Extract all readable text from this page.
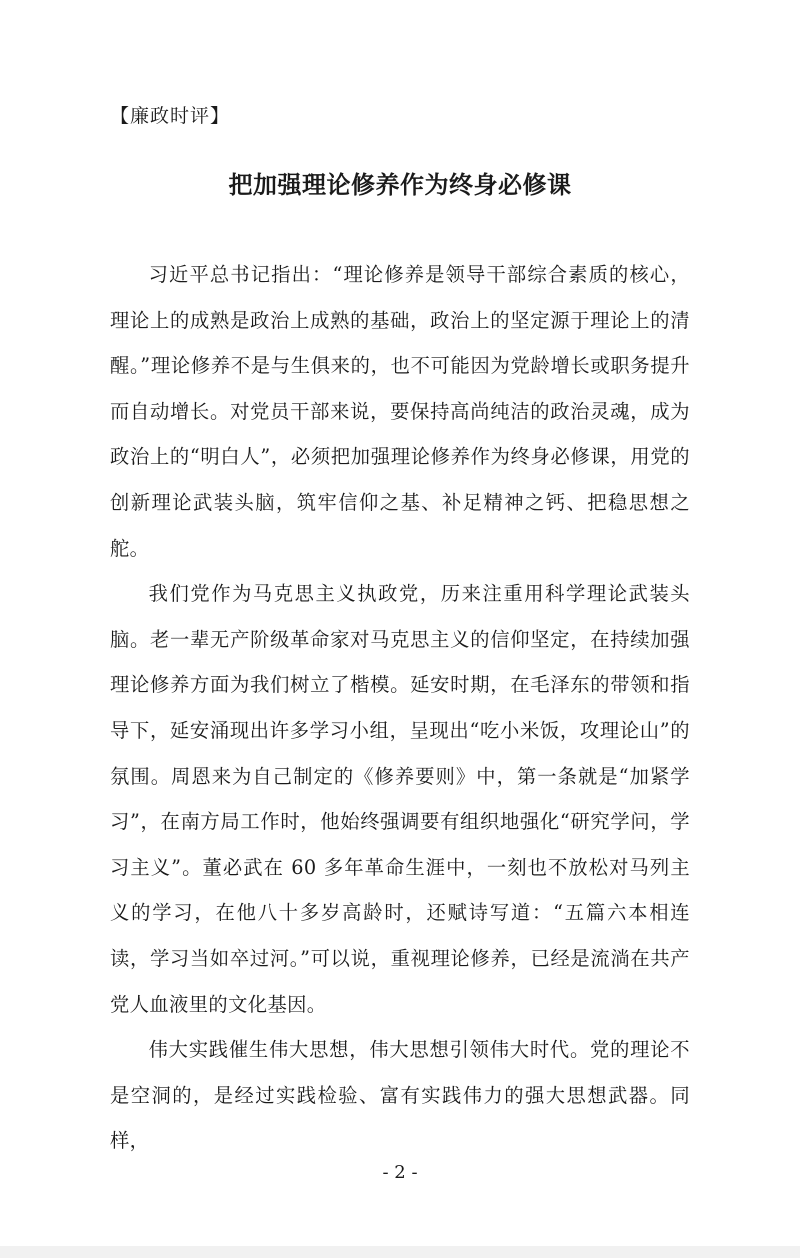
【廉政时评】
把加强理论修养作为终身必修课

习近平总书记指出：“理论修养是领导干部综合素质的核心，理论上的成熟是政治上成熟的基础，政治上的坚定源于理论上的清醒。”理论修养不是与生俱来的，也不可能因为党龄增长或职务提升而自动增长。对党员干部来说，要保持高尚纯洁的政治灵魂，成为政治上的“明白人”，必须把加强理论修养作为终身必修课，用党的创新理论武装头脑，筑牢信仰之基、补足精神之钙、把稳思想之舵。

我们党作为马克思主义执政党，历来注重用科学理论武装头脑。老一辈无产阶级革命家对马克思主义的信仰坚定，在持续加强理论修养方面为我们树立了楷模。延安时期，在毛泽东的带领和指导下，延安涌现出许多学习小组，呈现出“吃小米饭，攻理论山”的氛围。周恩来为自己制定的《修养要则》中，第一条就是“加紧学习”，在南方局工作时，他始终强调要有组织地强化“研究学问，学习主义”。董必武在 60 多年革命生涯中，一刻也不放松对马列主义的学习，在他八十多岁高龄时，还赋诗写道：“五篇六本相连读，学习当如卒过河。”可以说，重视理论修养，已经是流淌在共产党人血液里的文化基因。

伟大实践催生伟大思想，伟大思想引领伟大时代。党的理论不是空洞的，是经过实践检验、富有实践伟力的强大思想武器。同样，

- 2 -
